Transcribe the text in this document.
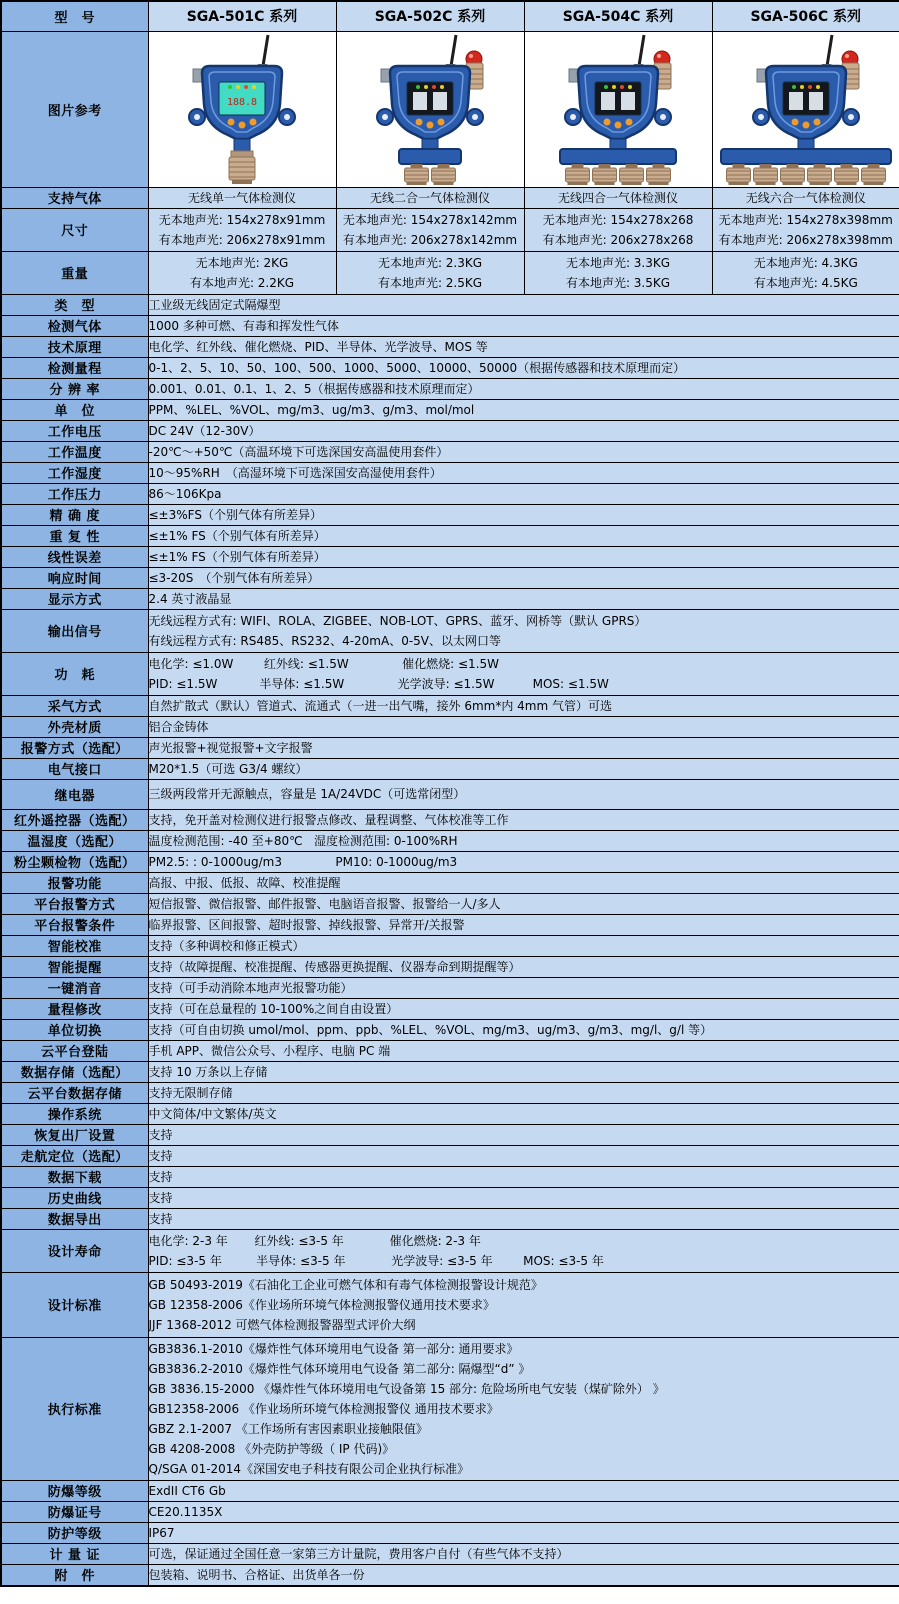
型　号	SGA-501C 系列	SGA-502C 系列	SGA-504C 系列	SGA-506C 系列
图片参考	188.8

支持气体	无线单一气体检测仪	无线二合一气体检测仪	无线四合一气体检测仪	无线六合一气体检测仪
尺寸	
无本地声光: 154x278x91mm
有本地声光: 206x278x91mm

无本地声光: 154x278x142mm
有本地声光: 206x278x142mm

无本地声光: 154x278x268
有本地声光: 206x278x268

无本地声光: 154x278x398mm
有本地声光: 206x278x398mm

重量	
无本地声光: 2KG
有本地声光: 2.2KG

无本地声光: 2.3KG
有本地声光: 2.5KG

无本地声光: 3.3KG
有本地声光: 3.5KG

无本地声光: 4.3KG
有本地声光: 4.5KG

类　型	工业级无线固定式隔爆型			

检测气体	1000 多种可燃、有毒和挥发性气体			

技术原理	电化学、红外线、催化燃烧、PID、半导体、光学波导、MOS 等			

检测量程	0-1、2、5、10、50、100、500、1000、5000、10000、50000（根据传感器和技术原理而定）			

分 辨 率	0.001、0.01、0.1、1、2、5（根据传感器和技术原理而定）			

单　位	PPM、%LEL、%VOL、mg/m3、ug/m3、g/m3、mol/mol			

工作电压	DC 24V（12-30V）			

工作温度	-20℃～+50℃（高温环境下可选深国安高温使用套件）			

工作湿度	10～95%RH　（高湿环境下可选深国安高湿使用套件）			

工作压力	86～106Kpa			

精 确 度	≤±3%FS（个别气体有所差异）			

重 复 性	≤±1% FS（个别气体有所差异）			

线性误差	≤±1% FS（个别气体有所差异）			

响应时间	≤3-20S　（个别气体有所差异）			

显示方式	2.4 英寸液晶显			

输出信号	无线远程方式有: WIFI、ROLA、ZIGBEE、NOB-LOT、GPRS、蓝牙、网桥等（默认 GPRS）
有线远程方式有: RS485、RS232、4-20mA、0-5V、以太网口等			

功　耗	电化学: ≤1.0W        红外线: ≤1.5W              催化燃烧: ≤1.5W
PID: ≤1.5W           半导体: ≤1.5W              光学波导: ≤1.5W          MOS: ≤1.5W			

采气方式	自然扩散式（默认）管道式、流通式（一进一出气嘴，接外 6mm*内 4mm 气管）可选			

外壳材质	铝合金铸体			

报警方式（选配）	声光报警+视觉报警+文字报警			

电气接口	M20*1.5（可选 G3/4 螺纹）			

继电器	三级两段常开无源触点，容量是 1A/24VDC（可选常闭型）			

红外遥控器（选配）	支持，免开盖对检测仪进行报警点修改、量程调整、气体校准等工作			

温湿度（选配）	温度检测范围: -40 至+80℃   湿度检测范围: 0-100%RH			

粉尘颗检物（选配）	PM2.5: : 0-1000ug/m3              PM10: 0-1000ug/m3			

报警功能	高报、中报、低报、故障、校准提醒			

平台报警方式	短信报警、微信报警、邮件报警、电脑语音报警、报警给一人/多人			

平台报警条件	临界报警、区间报警、超时报警、掉线报警、异常开/关报警			

智能校准	支持（多种调校和修正模式）			

智能提醒	支持（故障提醒、校准提醒、传感器更换提醒、仪器寿命到期提醒等）			

一键消音	支持（可手动消除本地声光报警功能）			

量程修改	支持（可在总量程的 10-100%之间自由设置）			

单位切换	支持（可自由切换 umol/mol、ppm、ppb、%LEL、%VOL、mg/m3、ug/m3、g/m3、mg/l、g/l 等）			

云平台登陆	手机 APP、微信公众号、小程序、电脑 PC 端			

数据存储（选配）	支持 10 万条以上存储			

云平台数据存储	支持无限制存储			

操作系统	中文简体/中文繁体/英文			

恢复出厂设置	支持			

走航定位（选配）	支持			

数据下载	支持			

历史曲线	支持			

数据导出	支持			

设计寿命	电化学: 2-3 年       红外线: ≤3-5 年            催化燃烧: 2-3 年
PID: ≤3-5 年         半导体: ≤3-5 年            光学波导: ≤3-5 年        MOS: ≤3-5 年			

设计标准	GB 50493-2019《石油化工企业可燃气体和有毒气体检测报警设计规范》
GB 12358-2006《作业场所环境气体检测报警仪通用技术要求》
JJF 1368-2012 可燃气体检测报警器型式评价大纲			

执行标准	
GB3836.1-2010《爆炸性气体环境用电气设备 第一部分: 通用要求》
GB3836.2-2010《爆炸性气体环境用电气设备 第二部分: 隔爆型“d” 》
GB 3836.15-2000 《爆炸性气体环境用电气设备第 15 部分: 危险场所电气安装（煤矿除外） 》
GB12358-2006 《作业场所环境气体检测报警仪 通用技术要求》
GBZ 2.1-2007 《工作场所有害因素职业接触限值》
GB 4208-2008 《外壳防护等级（ IP 代码)》
Q/SGA 01-2014《深国安电子科技有限公司企业执行标准》

防爆等级	ExdII CT6 Gb			

防爆证号	CE20.1135X			

防护等级	IP67			

计 量 证	可选，保证通过全国任意一家第三方计量院，费用客户自付（有些气体不支持）			

附　件	包装箱、说明书、合格证、出货单各一份			
